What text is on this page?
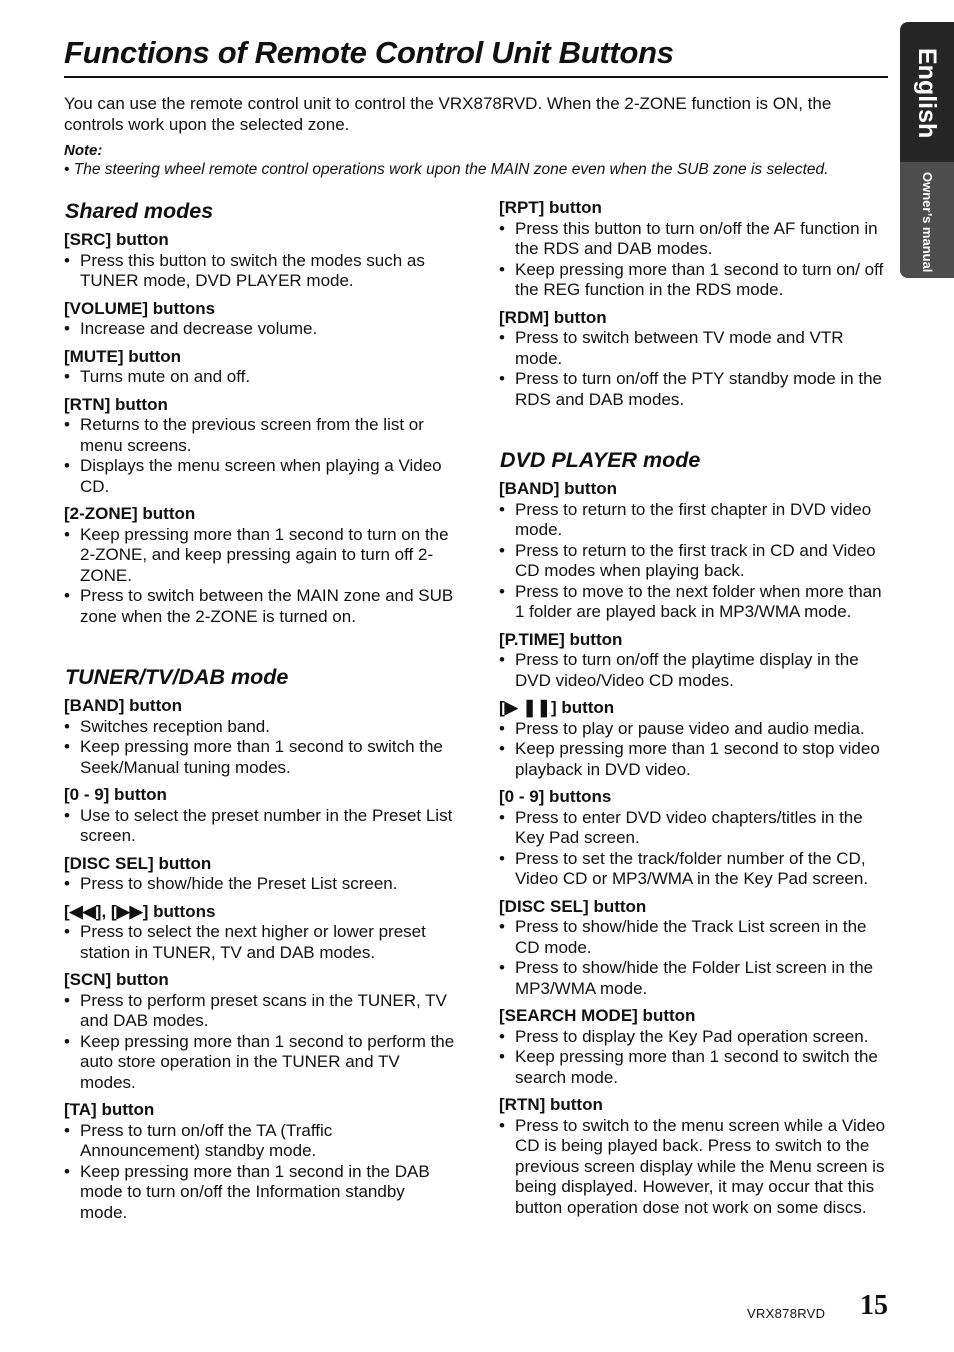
Functions of Remote Control Unit Buttons
You can use the remote control unit to control the VRX878RVD. When the 2-ZONE function is ON, the controls work upon the selected zone.
Note:
• The steering wheel remote control operations work upon the MAIN zone even when the SUB zone is selected.
Shared modes
[SRC] button
• Press this button to switch the modes such as TUNER mode, DVD PLAYER mode.
[VOLUME] buttons
• Increase and decrease volume.
[MUTE] button
• Turns mute on and off.
[RTN] button
• Returns to the previous screen from the list or menu screens.
• Displays the menu screen when playing a Video CD.
[2-ZONE] button
• Keep pressing more than 1 second to turn on the 2-ZONE, and keep pressing again to turn off 2-ZONE.
• Press to switch between the MAIN zone and SUB zone when the 2-ZONE is turned on.
TUNER/TV/DAB mode
[BAND] button
• Switches reception band.
• Keep pressing more than 1 second to switch the Seek/Manual tuning modes.
[0 - 9] button
• Use to select the preset number in the Preset List screen.
[DISC SEL] button
• Press to show/hide the Preset List screen.
[◀◀], [▶▶] buttons
• Press to select the next higher or lower preset station in TUNER, TV and DAB modes.
[SCN] button
• Press to perform preset scans in the TUNER, TV and DAB modes.
• Keep pressing more than 1 second to perform the auto store operation in the TUNER and TV modes.
[TA] button
• Press to turn on/off the TA (Traffic Announcement) standby mode.
• Keep pressing more than 1 second in the DAB mode to turn on/off the Information standby mode.
[RPT] button
• Press this button to turn on/off the AF function in the RDS and DAB modes.
• Keep pressing more than 1 second to turn on/ off the REG function in the RDS mode.
[RDM] button
• Press to switch between TV mode and VTR mode.
• Press to turn on/off the PTY standby mode in the RDS and DAB modes.
DVD PLAYER mode
[BAND] button
• Press to return to the first chapter in DVD video mode.
• Press to return to the first track in CD and Video CD modes when playing back.
• Press to move to the next folder when more than 1 folder are played back in MP3/WMA mode.
[P.TIME] button
• Press to turn on/off the playtime display in the DVD video/Video CD modes.
[▶ ❚❚] button
• Press to play or pause video and audio media.
• Keep pressing more than 1 second to stop video playback in DVD video.
[0 - 9] buttons
• Press to enter DVD video chapters/titles in the Key Pad screen.
• Press to set the track/folder number of the CD, Video CD or MP3/WMA in the Key Pad screen.
[DISC SEL] button
• Press to show/hide the Track List screen in the CD mode.
• Press to show/hide the Folder List screen in the MP3/WMA mode.
[SEARCH MODE] button
• Press to display the Key Pad operation screen.
• Keep pressing more than 1 second to switch the search mode.
[RTN] button
• Press to switch to the menu screen while a Video CD is being played back. Press to switch to the previous screen display while the Menu screen is being displayed. However, it may occur that this button operation dose not work on some discs.
English
Owner’s manual
VRX878RVD 15
